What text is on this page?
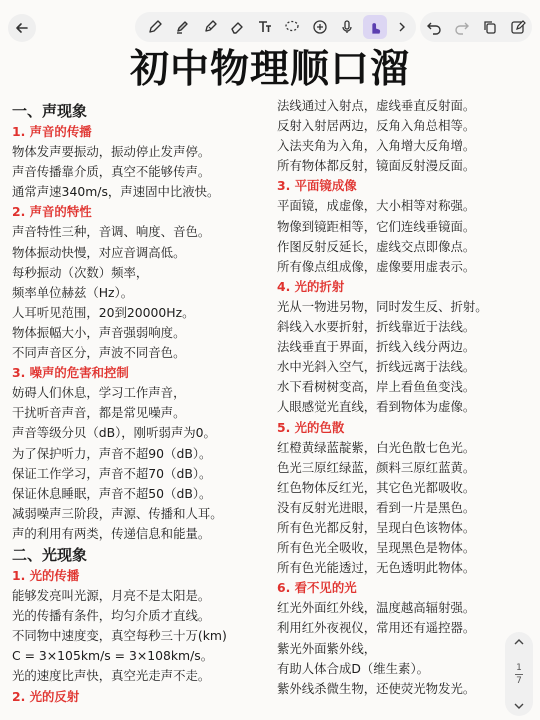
初中物理顺口溜
一、声现象
1. 声音的传播
物体发声要振动，振动停止发声停。
声音传播靠介质，真空不能够传声。
通常声速340m/s，声速固中比液快。
2. 声音的特性
声音特性三种，音调、响度、音色。
物体振动快慢，对应音调高低。
每秒振动（次数）频率，
频率单位赫兹（Hz）。
人耳听见范围，20到20000Hz。
物体振幅大小，声音强弱响度。
不同声音区分，声波不同音色。
3. 噪声的危害和控制
妨碍人们休息，学习工作声音，
干扰听音声音，都是常见噪声。
声音等级分贝（dB），刚听弱声为0。
为了保护听力，声音不超90（dB）。
保证工作学习，声音不超70（dB）。
保证休息睡眠，声音不超50（dB）。
减弱噪声三阶段，声源、传播和人耳。
声的利用有两类，传递信息和能量。
二、光现象
1. 光的传播
能够发亮叫光源，月亮不是太阳是。
光的传播有条件，均匀介质才直线。
不同物中速度变，真空每秒三十万(km)
C = 3×105km/s = 3×108km/s。
光的速度比声快，真空光走声不走。
2. 光的反射
法线通过入射点，虚线垂直反射面。
反射入射居两边，反角入角总相等。
入法夹角为入角，入角增大反角增。
所有物体都反射，镜面反射漫反面。
3. 平面镜成像
平面镜，成虚像，大小相等对称强。
物像到镜距相等，它们连线垂镜面。
作图反射反延长，虚线交点即像点。
所有像点组成像，虚像要用虚表示。
4. 光的折射
光从一物进另物，同时发生反、折射。
斜线入水要折射，折线靠近于法线。
法线垂直于界面，折线入线分两边。
水中光斜入空气，折线远离于法线。
水下看树树变高，岸上看鱼鱼变浅。
人眼感觉光直线，看到物体为虚像。
5. 光的色散
红橙黄绿蓝靛紫，白光色散七色光。
色光三原红绿蓝，颜料三原红蓝黄。
红色物体反红光，其它色光都吸收。
没有反射光进眼，看到一片是黑色。
所有色光都反射，呈现白色该物体。
所有色光全吸收，呈现黑色是物体。
所有色光能透过，无色透明此物体。
6. 看不见的光
红光外面红外线，温度越高辐射强。
利用红外夜视仪，常用还有遥控器。
紫光外面紫外线，
有助人体合成D（维生素）。
紫外线杀微生物，还使荧光物发光。
1
7
